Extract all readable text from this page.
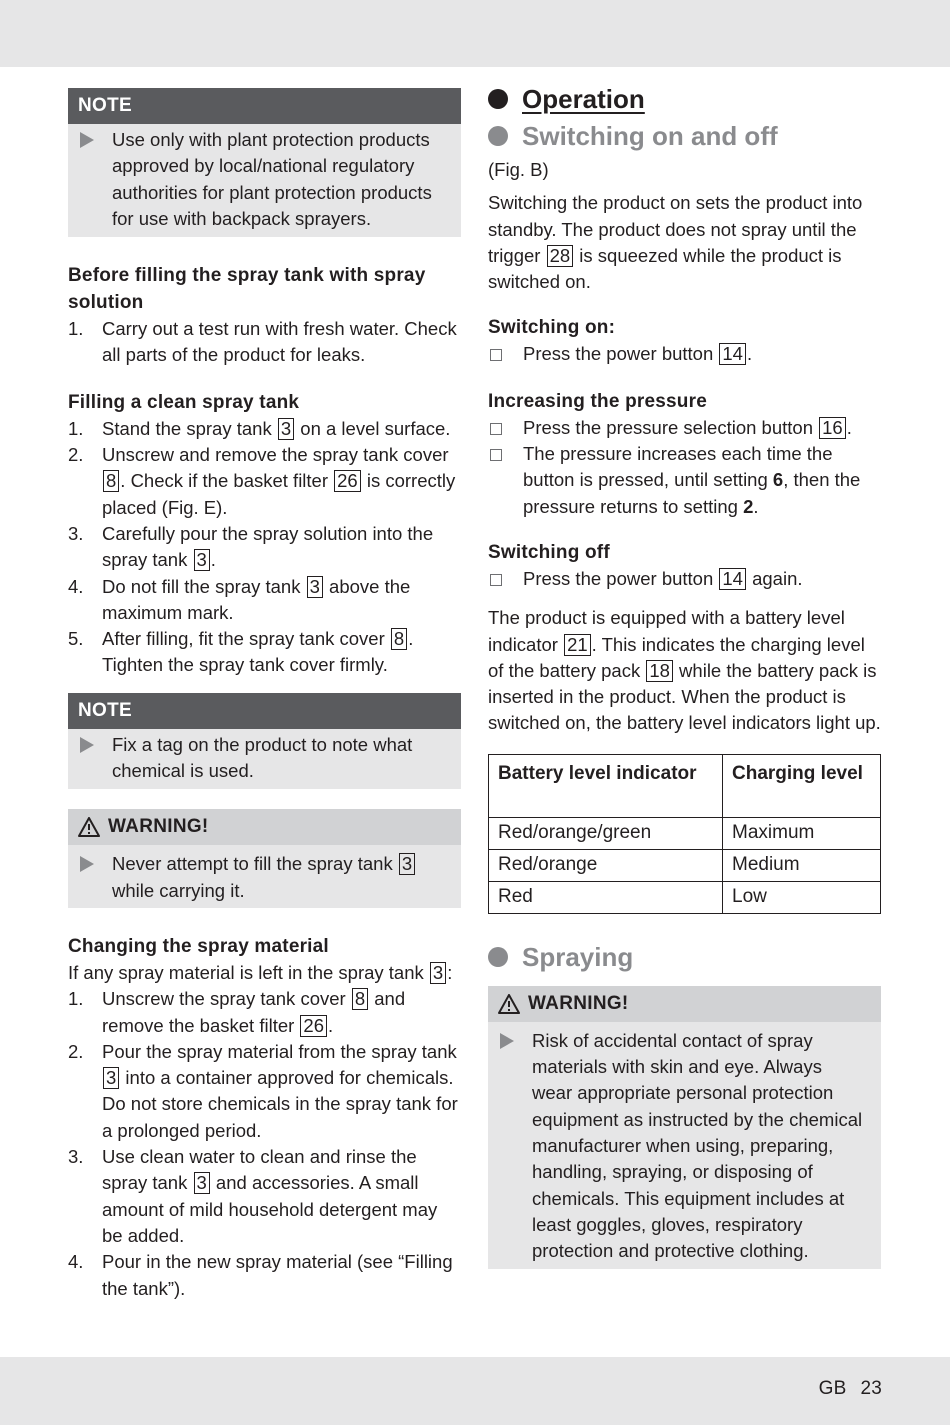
NOTE

Use only with plant protection products approved by local/national regulatory authorities for plant protection products for use with backpack sprayers.

Before filling the spray tank with spray solution
1.	Carry out a test run with fresh water. Check all parts of the product for leaks.
Filling a clean spray tank
1.	Stand the spray tank 3 on a level surface.
2.	Unscrew and remove the spray tank cover 8 . Check if the basket filter 26 is correctly placed (Fig. E).
3.	Carefully pour the spray solution into the spray tank 3 .
4.	Do not fill the spray tank 3 above the maximum mark.
5.	After filling, fit the spray tank cover 8 . Tighten the spray tank cover firmly.
NOTE

Fix a tag on the product to note what chemical is used.

WARNING!

Never attempt to fill the spray tank 3 while carrying it.

Changing the spray material

If any spray material is left in the spray tank 3 :

1.	Unscrew the spray tank cover 8 and remove the basket filter 26 .
2.	Pour the spray material from the spray tank 3 into a container approved for chemicals. Do not store chemicals in the spray tank for a prolonged period.
3.	Use clean water to clean and rinse the spray tank 3 and accessories. A small amount of mild household detergent may be added.
4.	Pour in the new spray material (see “Filling the tank”).
Operation
Switching on and off

(Fig. B)

Switching the product on sets the product into standby. The product does not spray until the trigger 28 is squeezed while the product is switched on.

Switching on:
Press the power button 14 .
Increasing the pressure
Press the pressure selection button 16 .
The pressure increases each time the button is pressed, until setting 6, then the pressure returns to setting 2.
Switching off
Press the power button 14 again.

The product is equipped with a battery level indicator 21 . This indicates the charging level of the battery pack 18 while the battery pack is inserted in the product. When the product is switched on, the battery level indicators light up.

Battery level indicator	Charging level
Red/orange/green	Maximum
Red/orange	Medium
Red	Low
Spraying
WARNING!

Risk of accidental contact of spray materials with skin and eye. Always wear appropriate personal protection equipment as instructed by the chemical manufacturer when using, preparing, handling, spraying, or disposing of chemicals. This equipment includes at least goggles, gloves, respiratory protection and protective clothing.

GB 23
